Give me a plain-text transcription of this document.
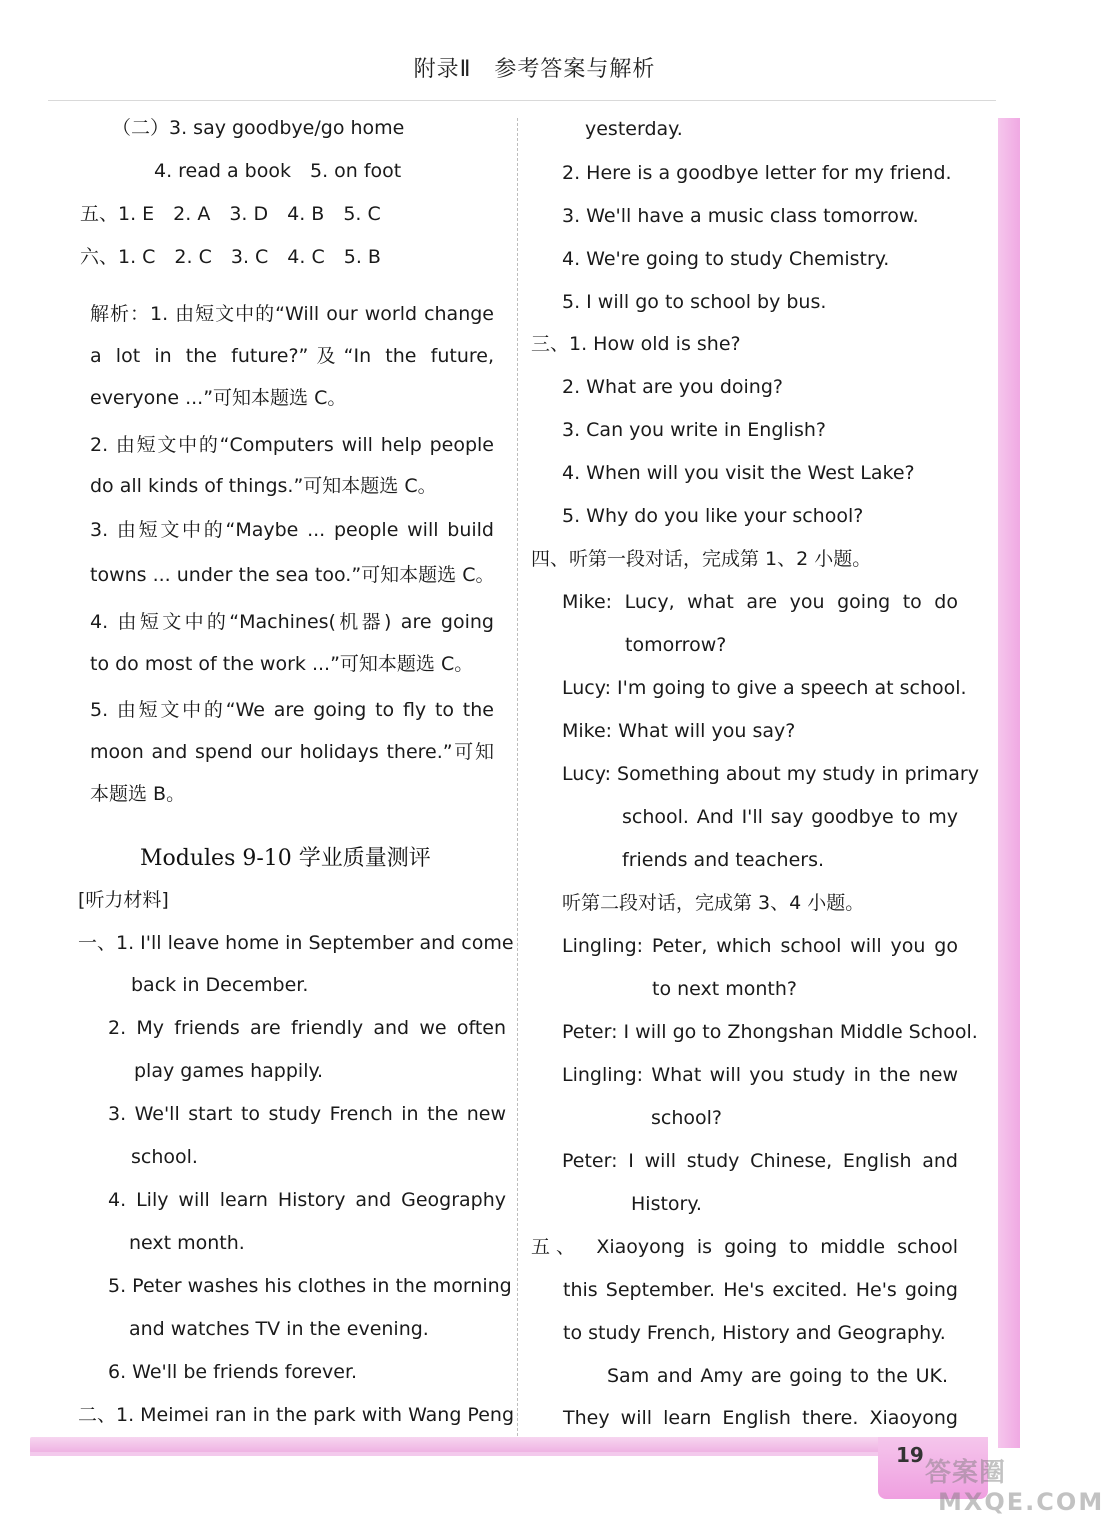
附录Ⅱ　参考答案与解析
（二）3. say goodbye/go home
4. read a book　5. on foot
五、1. E　2. A　3. D　4. B　5. C
六、1. C　2. C　3. C　4. C　5. B
解析：1. 由短文中的“Will our world change
a lot in the future?”及“In the future,
everyone ...”可知本题选 C。
2. 由短文中的“Computers will help people
do all kinds of things.”可知本题选 C。
3. 由短文中的“Maybe ... people will build
towns ... under the sea too.”可知本题选 C。
4. 由短文中的“Machines(机器) are going
to do most of the work ...”可知本题选 C。
5. 由短文中的“We are going to fly to the
moon and spend our holidays there.”可知
本题选 B。
Modules 9-10 学业质量测评
[听力材料]
一、1. I'll leave home in September and come
back in December.
2. My friends are friendly and we often
play games happily.
3. We'll start to study French in the new
school.
4. Lily will learn History and Geography
next month.
5. Peter washes his clothes in the morning
and watches TV in the evening.
6. We'll be friends forever.
二、1. Meimei ran in the park with Wang Peng
yesterday.
2. Here is a goodbye letter for my friend.
3. We'll have a music class tomorrow.
4. We're going to study Chemistry.
5. I will go to school by bus.
三、1. How old is she?
2. What are you doing?
3. Can you write in English?
4. When will you visit the West Lake?
5. Why do you like your school?
四、听第一段对话，完成第 1、2 小题。
Mike: Lucy, what are you going to do
tomorrow?
Lucy: I'm going to give a speech at school.
Mike: What will you say?
Lucy: Something about my study in primary
school. And I'll say goodbye to my
friends and teachers.
听第二段对话，完成第 3、4 小题。
Lingling: Peter, which school will you go
to next month?
Peter: I will go to Zhongshan Middle School.
Lingling: What will you study in the new
school?
Peter: I will study Chinese, English and
History.
五、　Xiaoyong is going to middle school
this September. He's excited. He's going
to study French, History and Geography.
Sam and Amy are going to the UK.
They will learn English there. Xiaoyong
19
答案圈
MXQE.COM
